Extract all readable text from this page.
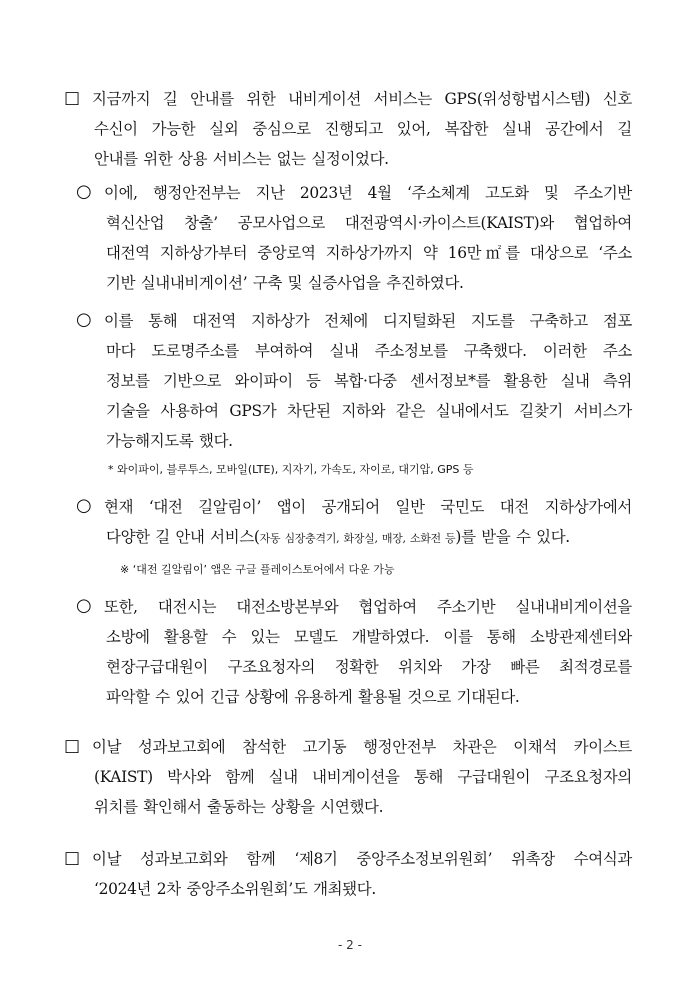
□ 지금까지 길 안내를 위한 내비게이션 서비스는 GPS(위성항법시스템) 신호
수신이 가능한 실외 중심으로 진행되고 있어, 복잡한 실내 공간에서 길
안내를 위한 상용 서비스는 없는 실정이었다.
○ 이에, 행정안전부는 지난 2023년 4월 ‘주소체계 고도화 및 주소기반
혁신산업 창출’ 공모사업으로 대전광역시·카이스트(KAIST)와 협업하여
대전역 지하상가부터 중앙로역 지하상가까지 약 16만㎡를 대상으로 ‘주소
기반 실내내비게이션’ 구축 및 실증사업을 추진하였다.
○ 이를 통해 대전역 지하상가 전체에 디지털화된 지도를 구축하고 점포
마다 도로명주소를 부여하여 실내 주소정보를 구축했다. 이러한 주소
정보를 기반으로 와이파이 등 복합·다중 센서정보*를 활용한 실내 측위
기술을 사용하여 GPS가 차단된 지하와 같은 실내에서도 길찾기 서비스가
가능해지도록 했다.
* 와이파이, 블루투스, 모바일(LTE), 지자기, 가속도, 자이로, 대기압, GPS 등
○ 현재 ‘대전 길알림이’ 앱이 공개되어 일반 국민도 대전 지하상가에서
다양한 길 안내 서비스(자동 심장충격기, 화장실, 매장, 소화전 등)를 받을 수 있다.
※ ‘대전 길알림이’ 앱은 구글 플레이스토어에서 다운 가능
○ 또한, 대전시는 대전소방본부와 협업하여 주소기반 실내내비게이션을
소방에 활용할 수 있는 모델도 개발하였다. 이를 통해 소방관제센터와
현장구급대원이 구조요청자의 정확한 위치와 가장 빠른 최적경로를
파악할 수 있어 긴급 상황에 유용하게 활용될 것으로 기대된다.
□ 이날 성과보고회에 참석한 고기동 행정안전부 차관은 이채석 카이스트
(KAIST) 박사와 함께 실내 내비게이션을 통해 구급대원이 구조요청자의
위치를 확인해서 출동하는 상황을 시연했다.
□ 이날 성과보고회와 함께 ‘제8기 중앙주소정보위원회’ 위촉장 수여식과
‘2024년 2차 중앙주소위원회’도 개최됐다.
- 2 -
